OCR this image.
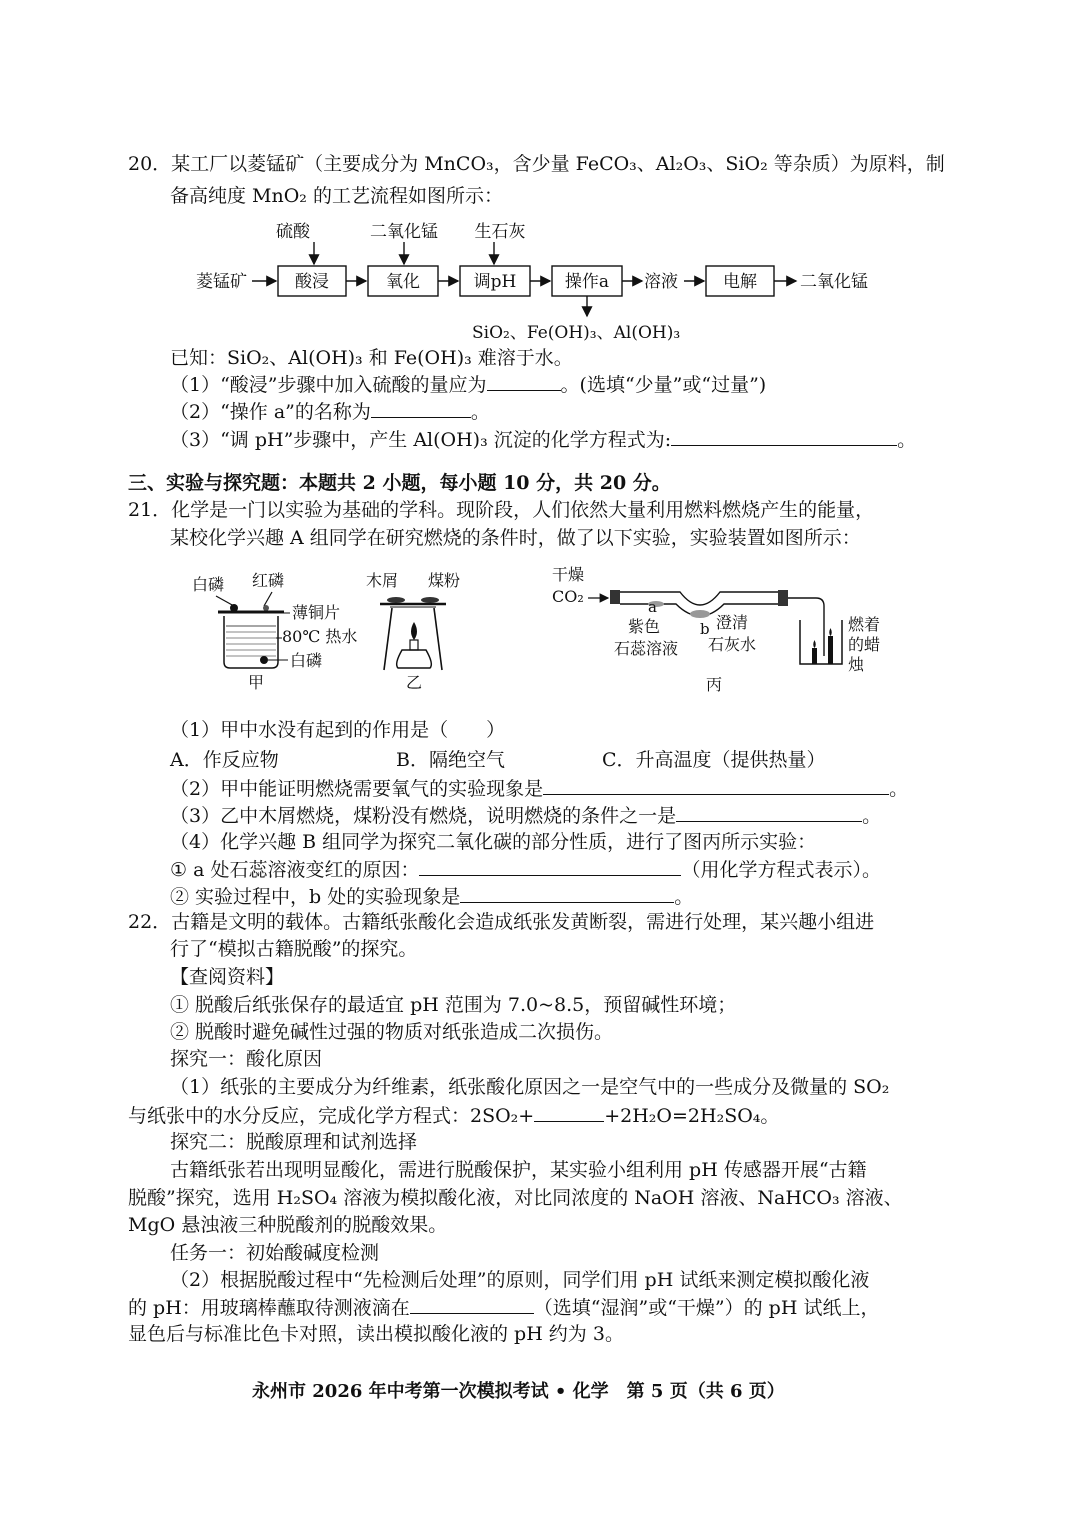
20．某工厂以菱锰矿（主要成分为 MnCO₃，含少量 FeCO₃、Al₂O₃、SiO₂ 等杂质）为原料，制
备高纯度 MnO₂ 的工艺流程如图所示：
硫酸	二氧化锰 生石灰
菱锰矿	酸浸	氧化	调pH	操作a 溶液	电解	二氧化锰
SiO₂、Fe(OH)₃、Al(OH)₃
已知：SiO₂、Al(OH)₃ 和 Fe(OH)₃ 难溶于水。
（1）“酸浸”步骤中加入硫酸的量应为	。(选填“少量”或“过量”)
（2）“操作 a”的名称为	。
（3）“调 pH”步骤中，产生 Al(OH)₃ 沉淀的化学方程式为:	。
三、实验与探究题：本题共 2 小题，每小题 10 分，共 20 分。
21．化学是一门以实验为基础的学科。现阶段，人们依然大量利用燃料燃烧产生的能量，
某校化学兴趣 A 组同学在研究燃烧的条件时，做了以下实验，实验装置如图所示：
白磷 红磷
薄铜片
80℃ 热水
白磷
甲
木屑 煤粉
乙
干燥
CO₂
a
b
紫色
石蕊溶液
澄清
石灰水
燃着
的蜡
烛
丙
（1）甲中水没有起到的作用是（　　）
A．作反应物	B．隔绝空气	C．升高温度（提供热量）
（2）甲中能证明燃烧需要氧气的实验现象是	。
（3）乙中木屑燃烧，煤粉没有燃烧，说明燃烧的条件之一是	。
（4）化学兴趣 B 组同学为探究二氧化碳的部分性质，进行了图丙所示实验：
① a 处石蕊溶液变红的原因：	（用化学方程式表示）。
② 实验过程中，b 处的实验现象是	。
22．古籍是文明的载体。古籍纸张酸化会造成纸张发黄断裂，需进行处理，某兴趣小组进
行了“模拟古籍脱酸”的探究。
【查阅资料】
① 脱酸后纸张保存的最适宜 pH 范围为 7.0~8.5，预留碱性环境；
② 脱酸时避免碱性过强的物质对纸张造成二次损伤。
探究一：酸化原因
（1）纸张的主要成分为纤维素，纸张酸化原因之一是空气中的一些成分及微量的 SO₂
与纸张中的水分反应，完成化学方程式：2SO₂+	+2H₂O=2H₂SO₄。
探究二：脱酸原理和试剂选择
古籍纸张若出现明显酸化，需进行脱酸保护，某实验小组利用 pH 传感器开展“古籍
脱酸”探究，选用 H₂SO₄ 溶液为模拟酸化液，对比同浓度的 NaOH 溶液、NaHCO₃ 溶液、
MgO 悬浊液三种脱酸剂的脱酸效果。
任务一：初始酸碱度检测
（2）根据脱酸过程中“先检测后处理”的原则，同学们用 pH 试纸来测定模拟酸化液
的 pH：用玻璃棒蘸取待测液滴在	（选填“湿润”或“干燥”）的 pH 试纸上，
显色后与标准比色卡对照，读出模拟酸化液的 pH 约为 3。
永州市 2026 年中考第一次模拟考试 • 化学　第 5 页（共 6 页）
